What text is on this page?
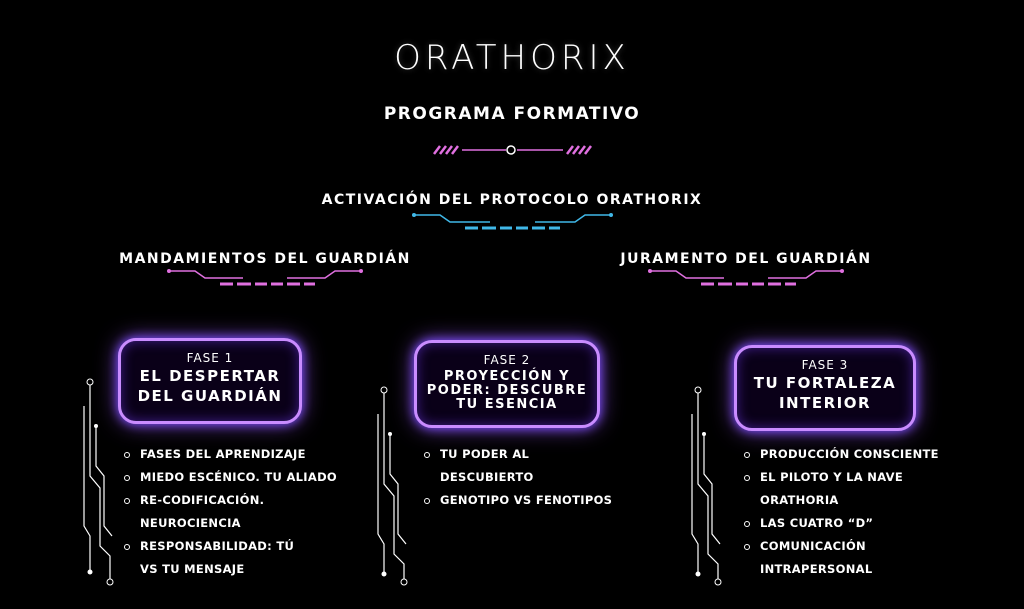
ORATHORIX
PROGRAMA FORMATIVO
ACTIVACIÓN DEL PROTOCOLO ORATHORIX
MANDAMIENTOS DEL GUARDIÁN	JURAMENTO DEL GUARDIÁN
FASE 1
EL DESPERTAR
DEL GUARDIÁN
FASES DEL APRENDIZAJE
MIEDO ESCÉNICO. TU ALIADO
RE-CODIFICACIÓN. NEUROCIENCIA
RESPONSABILIDAD: TÚ VS TU MENSAJE
FASE 2
PROYECCIÓN Y
PODER: DESCUBRE
TU ESENCIA
TU PODER AL DESCUBIERTO
GENOTIPO VS FENOTIPOS
FASE 3
TU FORTALEZA
INTERIOR
PRODUCCIÓN CONSCIENTE
EL PILOTO Y LA NAVE ORATHORIA
LAS CUATRO “D”
COMUNICACIÓN INTRAPERSONAL
